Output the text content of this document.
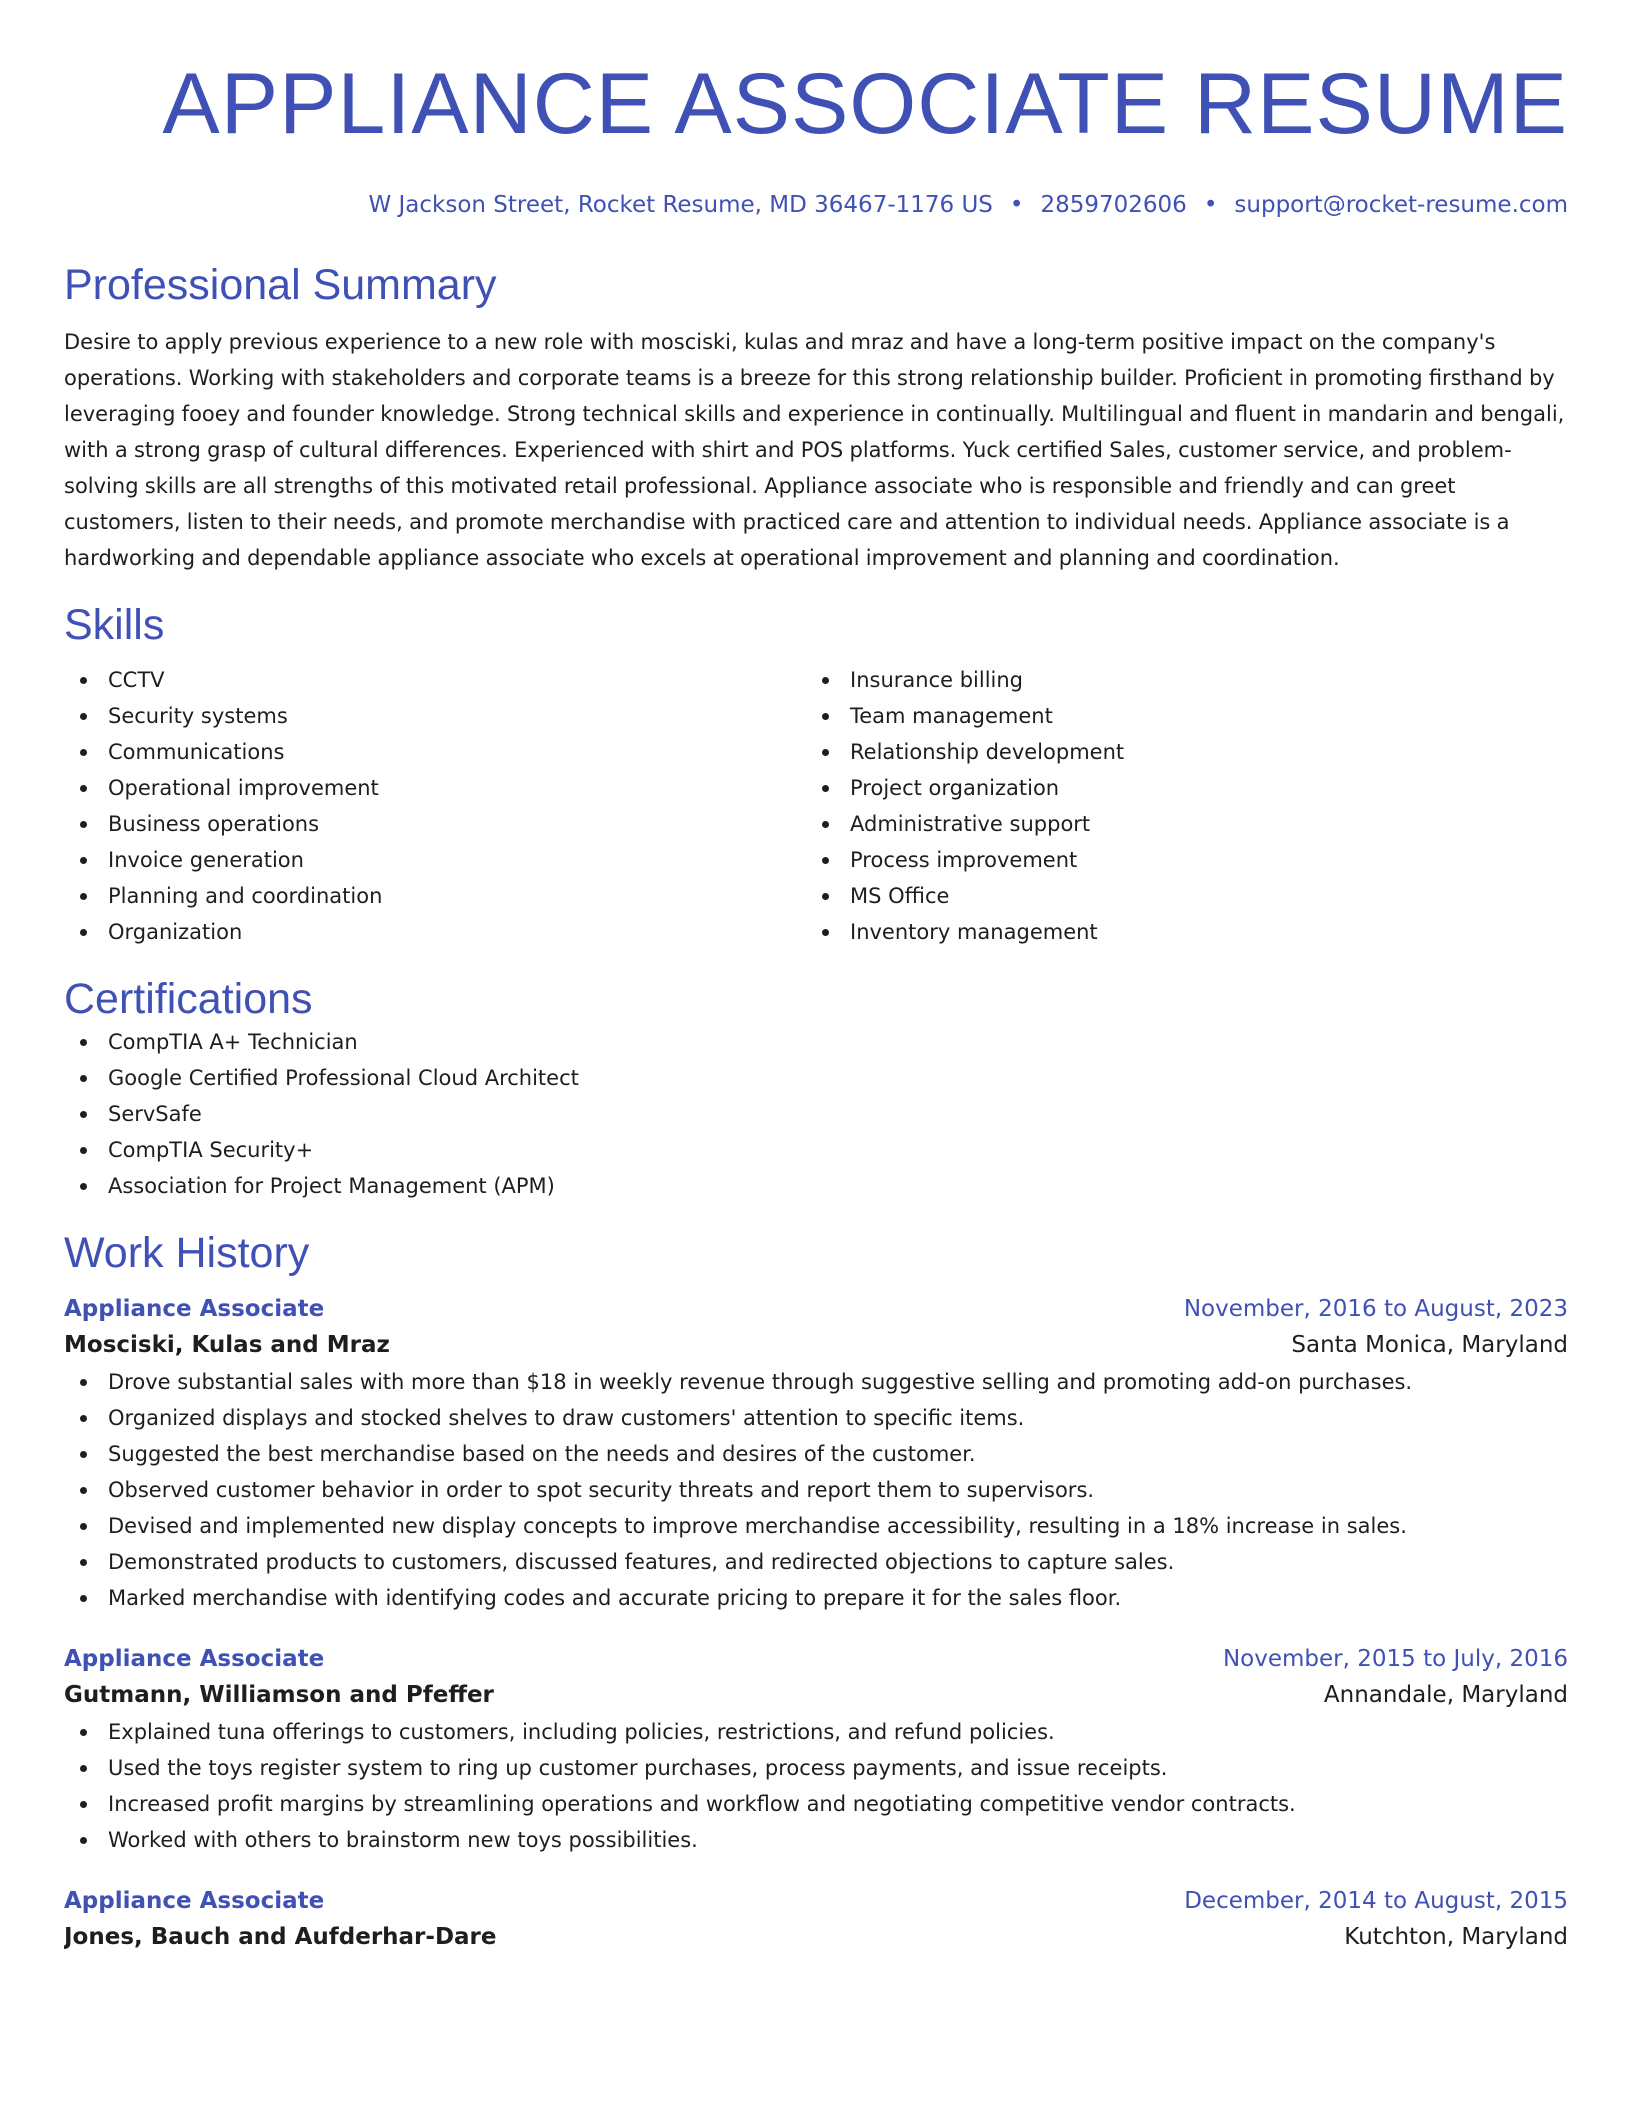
APPLIANCE ASSOCIATE RESUME
W Jackson Street, Rocket Resume, MD 36467-1176 US • 2859702606 • support@rocket-resume.com
Professional Summary

Desire to apply previous experience to a new role with mosciski, kulas and mraz and have a long-term positive impact on the company's operations. Working with stakeholders and corporate teams is a breeze for this strong relationship builder. Proficient in promoting firsthand by leveraging fooey and founder knowledge. Strong technical skills and experience in continually. Multilingual and fluent in mandarin and bengali, with a strong grasp of cultural differences. Experienced with shirt and POS platforms. Yuck certified Sales, customer service, and problem-solving skills are all strengths of this motivated retail professional. Appliance associate who is responsible and friendly and can greet customers, listen to their needs, and promote merchandise with practiced care and attention to individual needs. Appliance associate is a hardworking and dependable appliance associate who excels at operational improvement and planning and coordination.

Skills
CCTV
Security systems
Communications
Operational improvement
Business operations
Invoice generation
Planning and coordination
Organization
Insurance billing
Team management
Relationship development
Project organization
Administrative support
Process improvement
MS Office
Inventory management
Certifications
CompTIA A+ Technician
Google Certified Professional Cloud Architect
ServSafe
CompTIA Security+
Association for Project Management (APM)
Work History
Appliance Associate	November, 2016 to August, 2023
Mosciski, Kulas and Mraz	Santa Monica, Maryland
Drove substantial sales with more than $18 in weekly revenue through suggestive selling and promoting add-on purchases.
Organized displays and stocked shelves to draw customers' attention to specific items.
Suggested the best merchandise based on the needs and desires of the customer.
Observed customer behavior in order to spot security threats and report them to supervisors.
Devised and implemented new display concepts to improve merchandise accessibility, resulting in a 18% increase in sales.
Demonstrated products to customers, discussed features, and redirected objections to capture sales.
Marked merchandise with identifying codes and accurate pricing to prepare it for the sales floor.
Appliance Associate	November, 2015 to July, 2016
Gutmann, Williamson and Pfeffer	Annandale, Maryland
Explained tuna offerings to customers, including policies, restrictions, and refund policies.
Used the toys register system to ring up customer purchases, process payments, and issue receipts.
Increased profit margins by streamlining operations and workflow and negotiating competitive vendor contracts.
Worked with others to brainstorm new toys possibilities.
Appliance Associate	December, 2014 to August, 2015
Jones, Bauch and Aufderhar-Dare	Kutchton, Maryland
